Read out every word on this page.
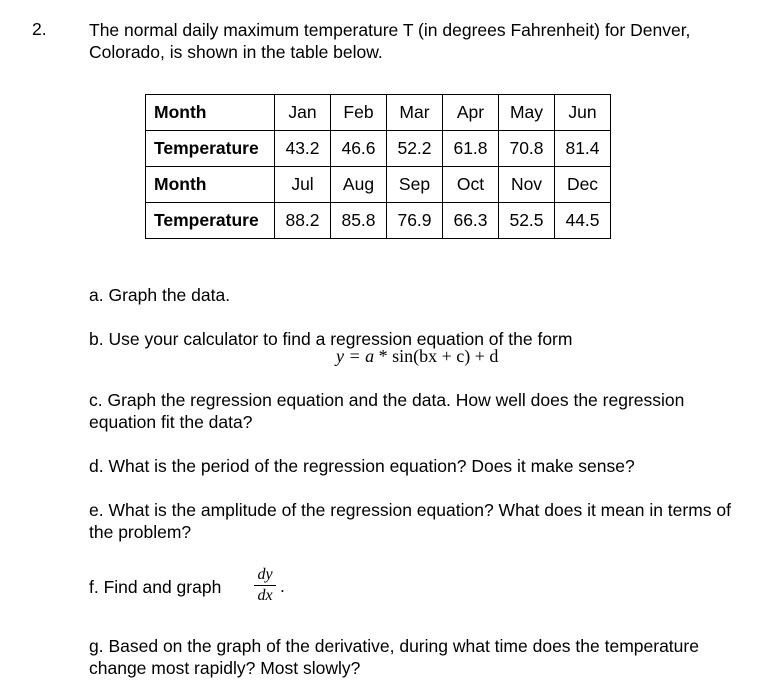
2. The normal daily maximum temperature T (in degrees Fahrenheit) for Denver, Colorado, is shown in the table below.
Month	Jan	Feb	Mar	Apr	May	Jun
Temperature	43.2	46.6	52.2	61.8	70.8	81.4
Month	Jul	Aug	Sep	Oct	Nov	Dec
Temperature	88.2	85.8	76.9	66.3	52.5	44.5
a. Graph the data.
b. Use your calculator to find a regression equation of the form
y = a * sin(bx + c) + d
c. Graph the regression equation and the data. How well does the regression equation fit the data?
d. What is the period of the regression equation? Does it make sense?
e. What is the amplitude of the regression equation? What does it mean in terms of the problem?
f. Find and graph
dy
dx .
g. Based on the graph of the derivative, during what time does the temperature change most rapidly? Most slowly?
